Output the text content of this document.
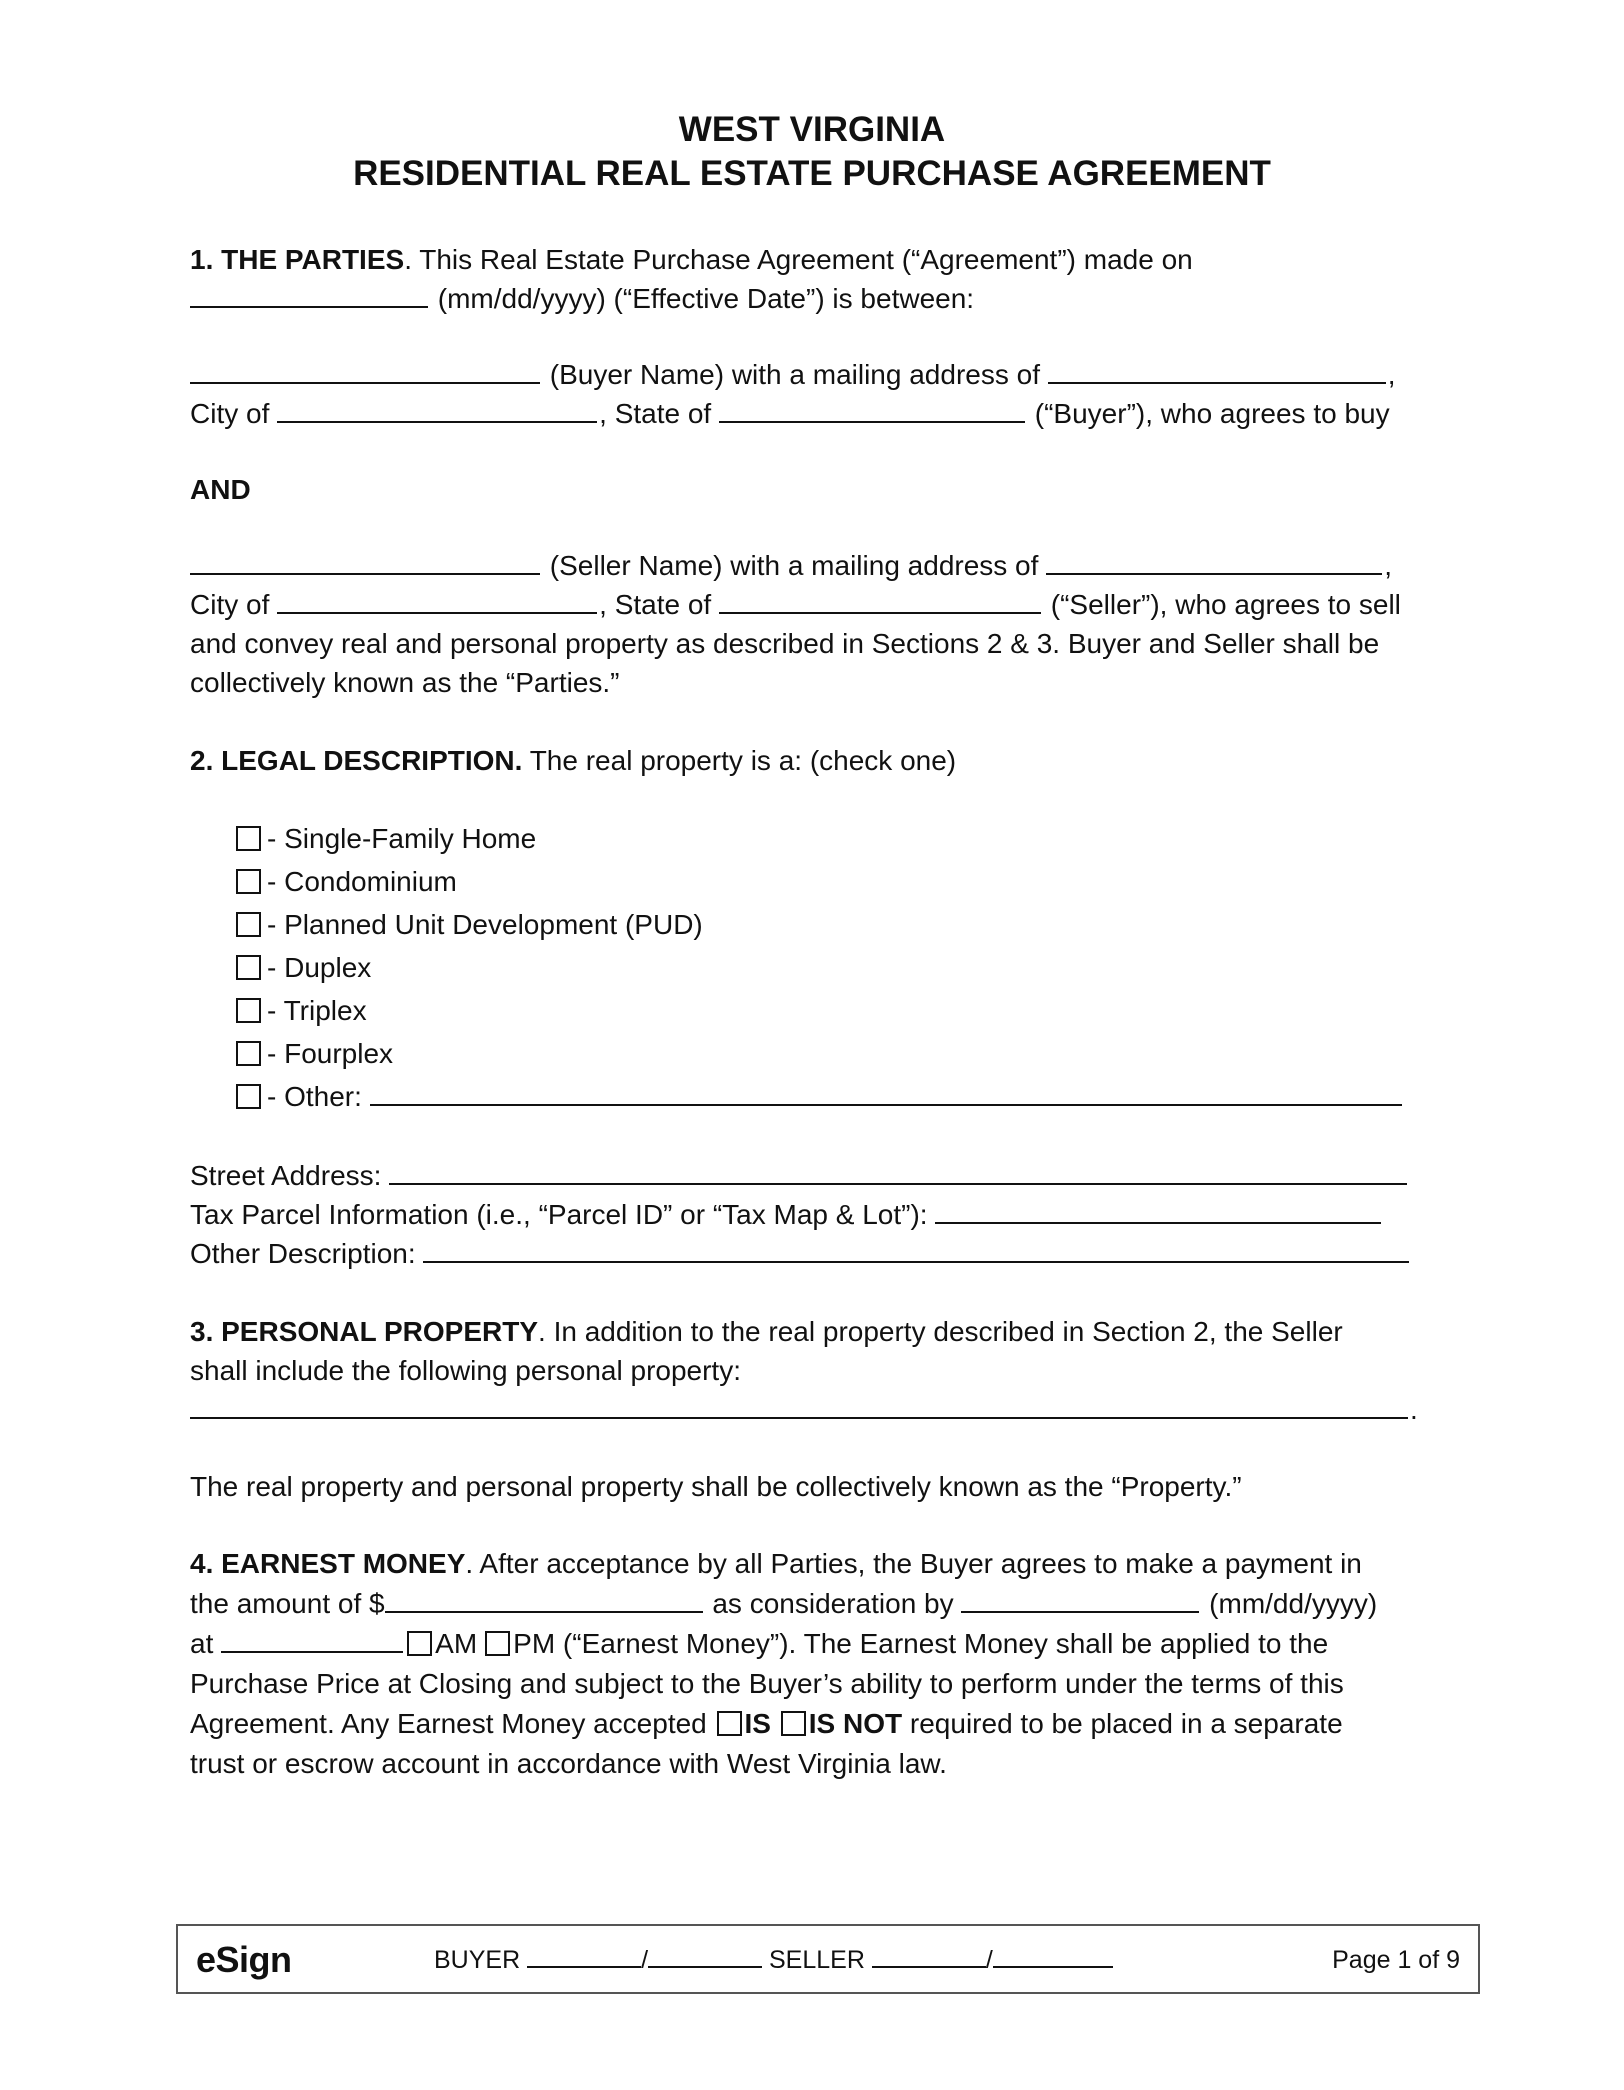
WEST VIRGINIA
RESIDENTIAL REAL ESTATE PURCHASE AGREEMENT
1. THE PARTIES. This Real Estate Purchase Agreement (“Agreement”) made on
(mm/dd/yyyy) (“Effective Date”) is between:
(Buyer Name) with a mailing address of	,
City of	, State of	(“Buyer”), who agrees to buy
AND
(Seller Name) with a mailing address of	,
City of	, State of	(“Seller”), who agrees to sell
and convey real and personal property as described in Sections 2 & 3. Buyer and Seller shall be
collectively known as the “Parties.”
2. LEGAL DESCRIPTION. The real property is a: (check one)
- Single-Family Home
- Condominium
- Planned Unit Development (PUD)
- Duplex
- Triplex
- Fourplex
- Other:
Street Address:
Tax Parcel Information (i.e., “Parcel ID” or “Tax Map & Lot”):
Other Description:
3. PERSONAL PROPERTY. In addition to the real property described in Section 2, the Seller
shall include the following personal property:
.
The real property and personal property shall be collectively known as the “Property.”
4. EARNEST MONEY. After acceptance by all Parties, the Buyer agrees to make a payment in
the amount of $	as consideration by	(mm/dd/yyyy)
at	AM PM (“Earnest Money”). The Earnest Money shall be applied to the
Purchase Price at Closing and subject to the Buyer’s ability to perform under the terms of this
Agreement. Any Earnest Money accepted IS IS NOT required to be placed in a separate
trust or escrow account in accordance with West Virginia law.
eSign	BUYER	/	SELLER	/	Page 1 of 9
